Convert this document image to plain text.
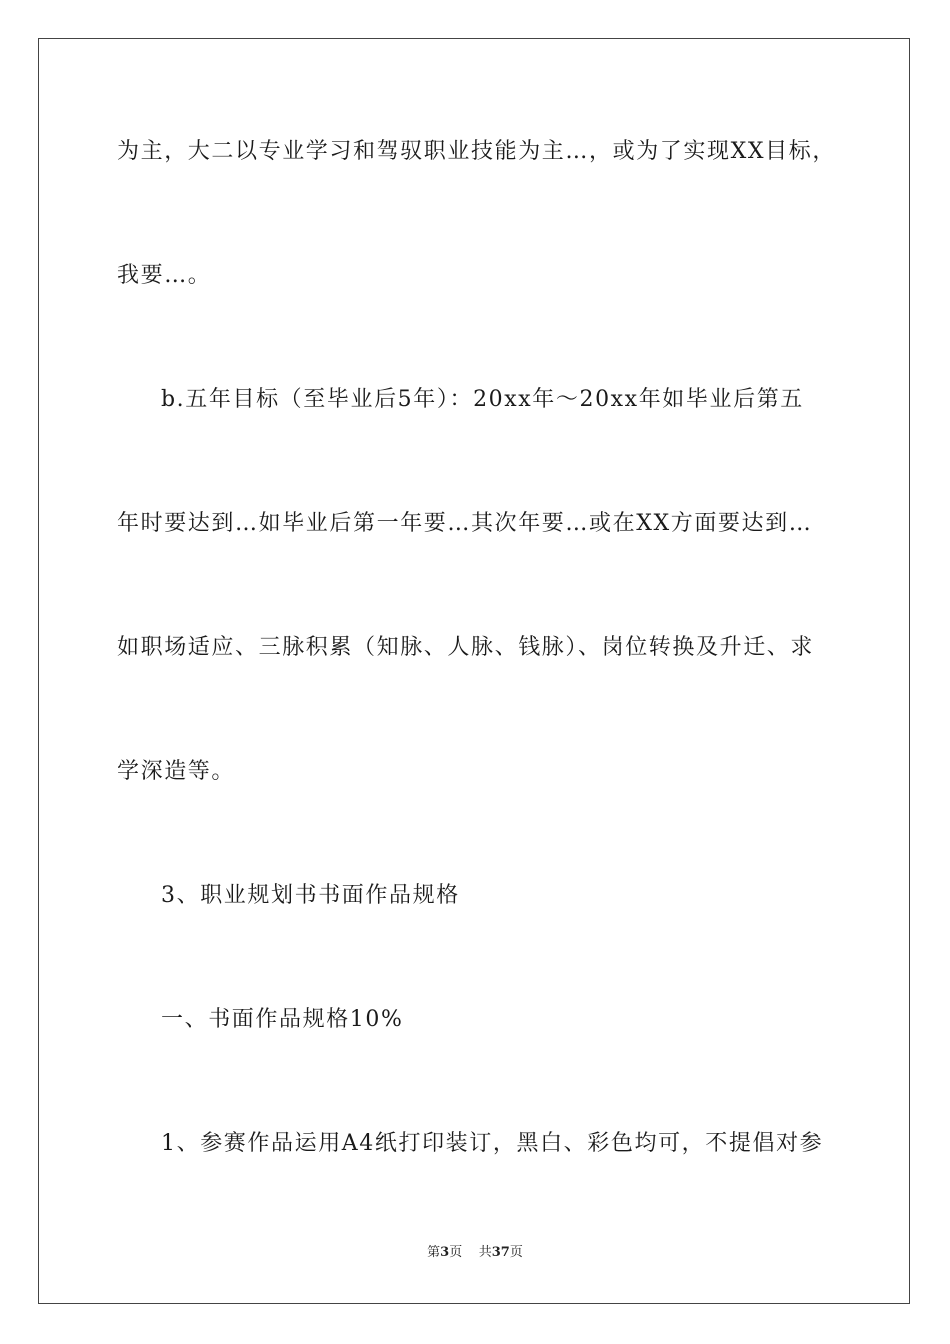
为主，大二以专业学习和驾驭职业技能为主…，或为了实现XX目标，
我要…。
b.五年目标（至毕业后5年）：20xx年～20xx年如毕业后第五
年时要达到…如毕业后第一年要…其次年要…或在XX方面要达到…
如职场适应、三脉积累（知脉、人脉、钱脉）、岗位转换及升迁、求
学深造等。
3、职业规划书书面作品规格
一、书面作品规格10%
1、参赛作品运用A4纸打印装订，黑白、彩色均可，不提倡对参
第3页 共37页
